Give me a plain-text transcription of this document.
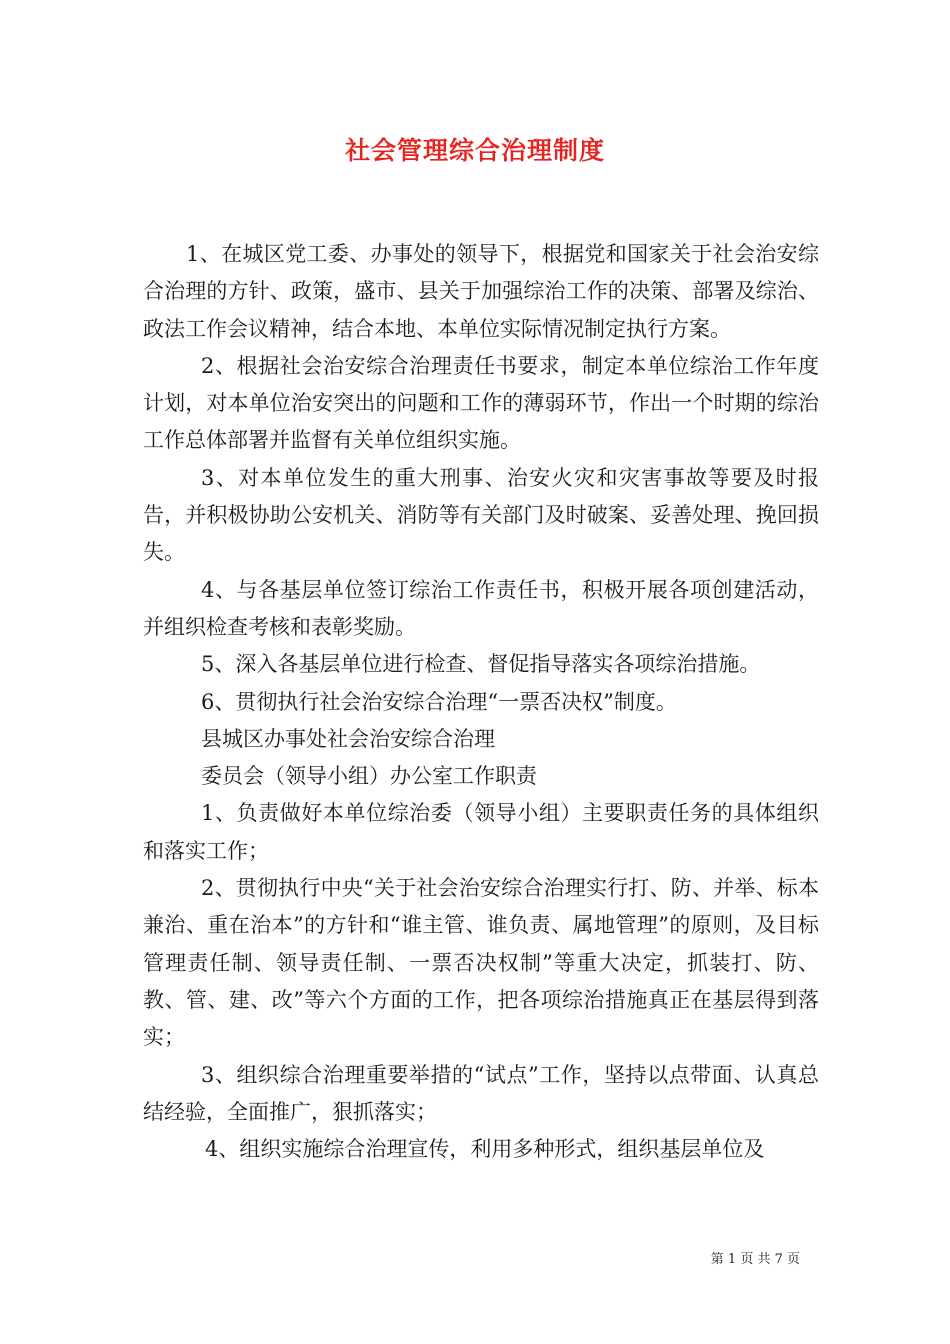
社会管理综合治理制度

1、在城区党工委、办事处的领导下，根据党和国家关于社会治安综合治理的方针、政策，盛市、县关于加强综治工作的决策、部署及综治、政法工作会议精神，结合本地、本单位实际情况制定执行方案。

2、根据社会治安综合治理责任书要求，制定本单位综治工作年度计划，对本单位治安突出的问题和工作的薄弱环节，作出一个时期的综治工作总体部署并监督有关单位组织实施。

3、对本单位发生的重大刑事、治安火灾和灾害事故等要及时报告，并积极协助公安机关、消防等有关部门及时破案、妥善处理、挽回损失。

4、与各基层单位签订综治工作责任书，积极开展各项创建活动，并组织检查考核和表彰奖励。

5、深入各基层单位进行检查、督促指导落实各项综治措施。

6、贯彻执行社会治安综合治理“一票否决权”制度。

县城区办事处社会治安综合治理

委员会（领导小组）办公室工作职责

1、负责做好本单位综治委（领导小组）主要职责任务的具体组织和落实工作；

2、贯彻执行中央“关于社会治安综合治理实行打、防、并举、标本兼治、重在治本”的方针和“谁主管、谁负责、属地管理”的原则，及目标管理责任制、领导责任制、一票否决权制”等重大决定，抓装打、防、教、管、建、改”等六个方面的工作，把各项综治措施真正在基层得到落实；

3、组织综合治理重要举措的“试点”工作，坚持以点带面、认真总结经验，全面推广，狠抓落实；

4、组织实施综合治理宣传，利用多种形式，组织基层单位及

第 1 页 共 7 页
